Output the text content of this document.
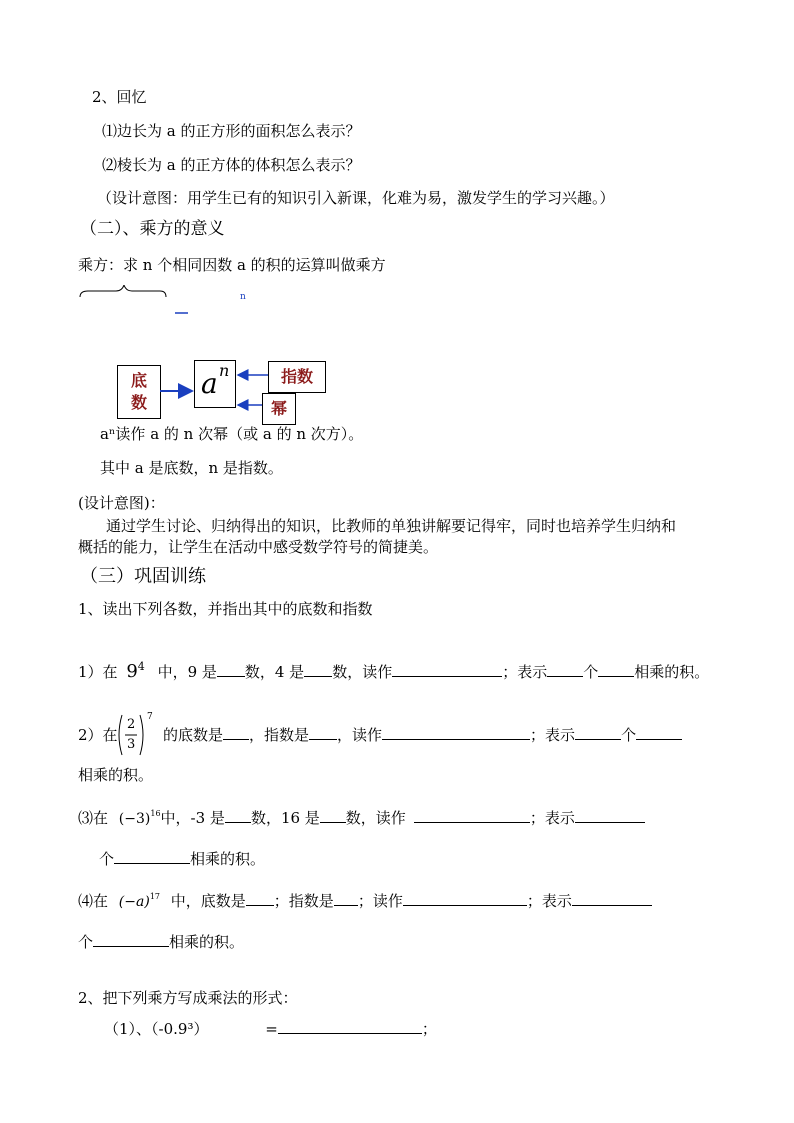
2、回忆
⑴边长为 a 的正方形的面积怎么表示？
⑵棱长为 a 的正方体的体积怎么表示？
（设计意图：用学生已有的知识引入新课，化难为易，激发学生的学习兴趣。）
（二）、乘方的意义
乘方：求 n 个相同因数 a 的积的运算叫做乘方
n
底数
a n	指数
幂
aⁿ读作 a 的 n 次幂（或 a 的 n 次方）。
其中 a 是底数，n 是指数。
(设计意图)：
通过学生讨论、归纳得出的知识，比教师的单独讲解要记得牢，同时也培养学生归纳和
概括的能力，让学生在活动中感受数学符号的简捷美。
（三）巩固训练
1、读出下列各数，并指出其中的底数和指数
1）在 $9^4$ 中，9 是 数，4 是 数，读作	；表示 个 相乘的积。
2）在
2
3
7
的底数是 ，指数是 ，读作	；表示	个
相乘的积。
⑶在 $(-3)^{16}$中，-3 是 数，16 是 数，读作	；表示
个	相乘的积。
⑷在 $(-a)^{17}$ 中，底数是 ；指数是 ；读作	；表示
个	相乘的积。
2、把下列乘方写成乘法的形式：
（1）、（-0.9³）	=	；
